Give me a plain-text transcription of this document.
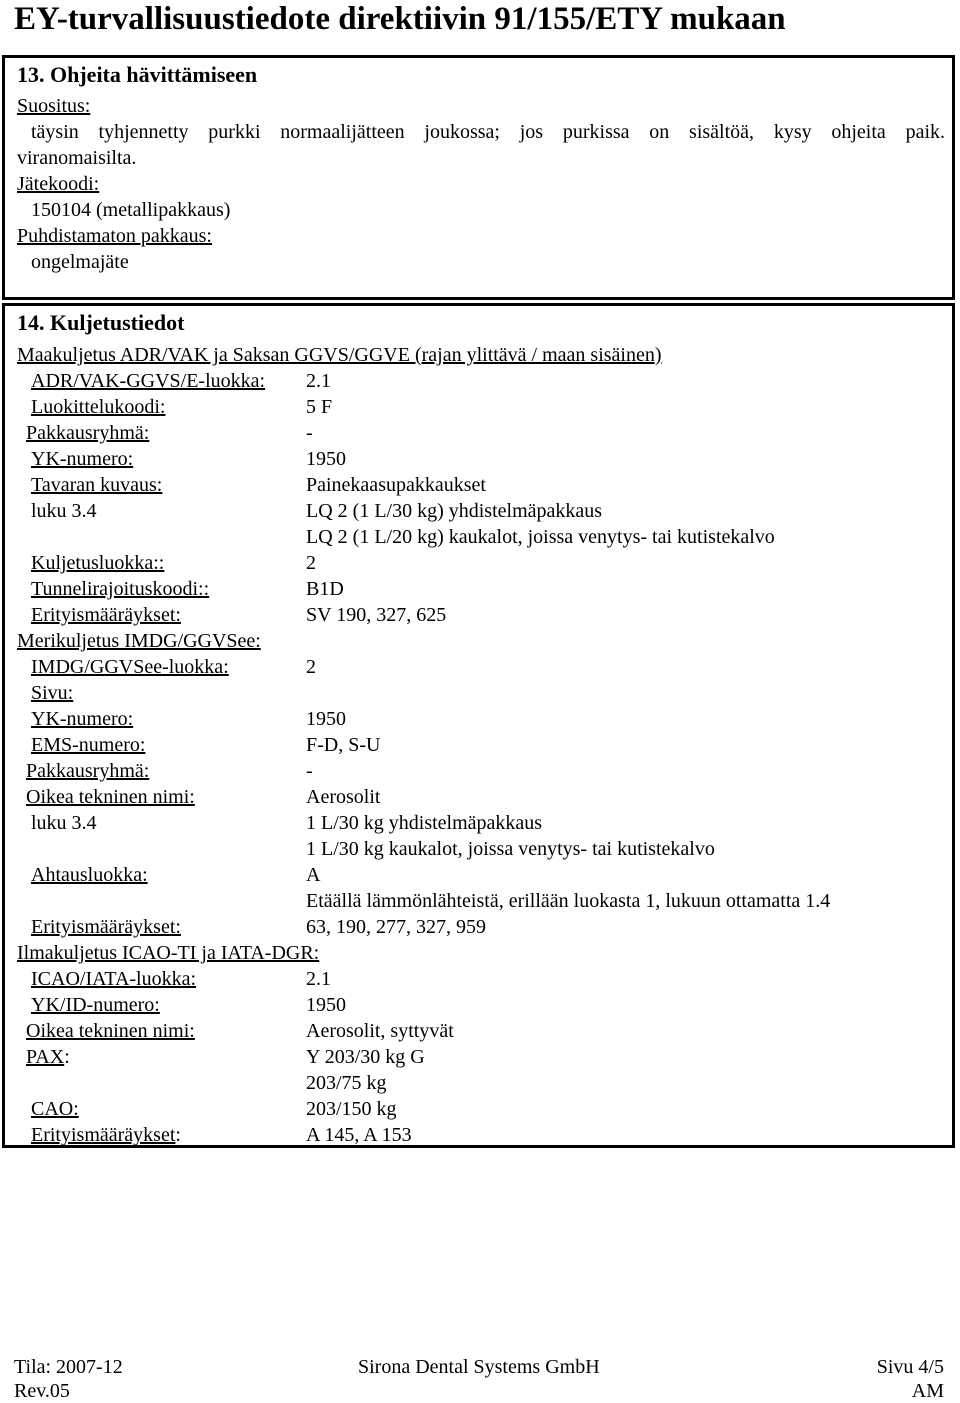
EY-turvallisuustiedote direktiivin 91/155/ETY mukaan
13. Ohjeita hävittämiseen
Suositus:
täysin tyhjennetty purkki normaalijätteen joukossa; jos purkissa on sisältöä, kysy ohjeita paik.
viranomaisilta.
Jätekoodi:
150104 (metallipakkaus)
Puhdistamaton pakkaus:
ongelmajäte
14. Kuljetustiedot
Maakuljetus ADR/VAK ja Saksan GGVS/GGVE (rajan ylittävä / maan sisäinen)
ADR/VAK-GGVS/E-luokka: 2.1
Luokittelukoodi:	5 F
Pakkausryhmä:	-
YK-numero:	1950
Tavaran kuvaus:	Painekaasupakkaukset
luku 3.4	LQ 2 (1 L/30 kg) yhdistelmäpakkaus
LQ 2 (1 L/20 kg) kaukalot, joissa venytys- tai kutistekalvo
Kuljetusluokka::	2
Tunnelirajoituskoodi::	B1D
Erityismääräykset:	SV 190, 327, 625
Merikuljetus IMDG/GGVSee:
IMDG/GGVSee-luokka:	2
Sivu:
YK-numero:	1950
EMS-numero:	F-D, S-U
Pakkausryhmä:	-
Oikea tekninen nimi:	Aerosolit
luku 3.4	1 L/30 kg yhdistelmäpakkaus
1 L/30 kg kaukalot, joissa venytys- tai kutistekalvo
Ahtausluokka:	A
Etäällä lämmönlähteistä, erillään luokasta 1, lukuun ottamatta 1.4
Erityismääräykset:	63, 190, 277, 327, 959
Ilmakuljetus ICAO-TI ja IATA-DGR:
ICAO/IATA-luokka:	2.1
YK/ID-numero:	1950
Oikea tekninen nimi:	Aerosolit, syttyvät
PAX:	Y 203/30 kg G
203/75 kg
CAO:	203/150 kg
Erityismääräykset:	A 145, A 153
Tila: 2007-12
Rev.05
Sirona Dental Systems GmbH	Sivu 4/5
AM
